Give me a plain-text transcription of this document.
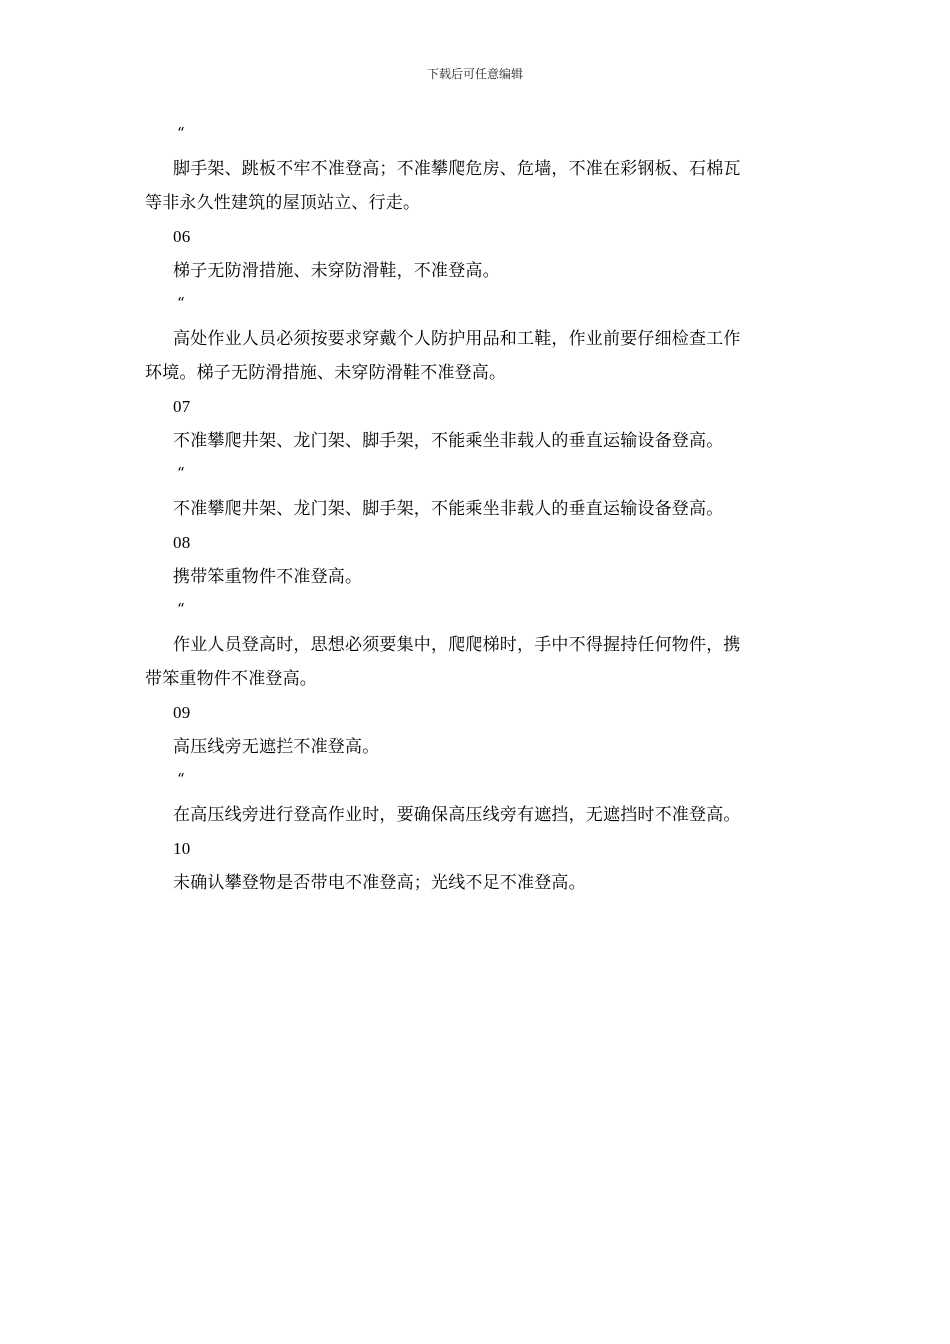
下载后可任意编辑
“
脚手架、跳板不牢不准登高；不准攀爬危房、危墙，不准在彩钢板、石棉瓦
等非永久性建筑的屋顶站立、行走。
06
梯子无防滑措施、未穿防滑鞋，不准登高。
“
高处作业人员必须按要求穿戴个人防护用品和工鞋，作业前要仔细检查工作
环境。梯子无防滑措施、未穿防滑鞋不准登高。
07
不准攀爬井架、龙门架、脚手架，不能乘坐非载人的垂直运输设备登高。
“
不准攀爬井架、龙门架、脚手架，不能乘坐非载人的垂直运输设备登高。
08
携带笨重物件不准登高。
“
作业人员登高时，思想必须要集中，爬爬梯时，手中不得握持任何物件，携
带笨重物件不准登高。
09
高压线旁无遮拦不准登高。
“
在高压线旁进行登高作业时，要确保高压线旁有遮挡，无遮挡时不准登高。
10
未确认攀登物是否带电不准登高；光线不足不准登高。
